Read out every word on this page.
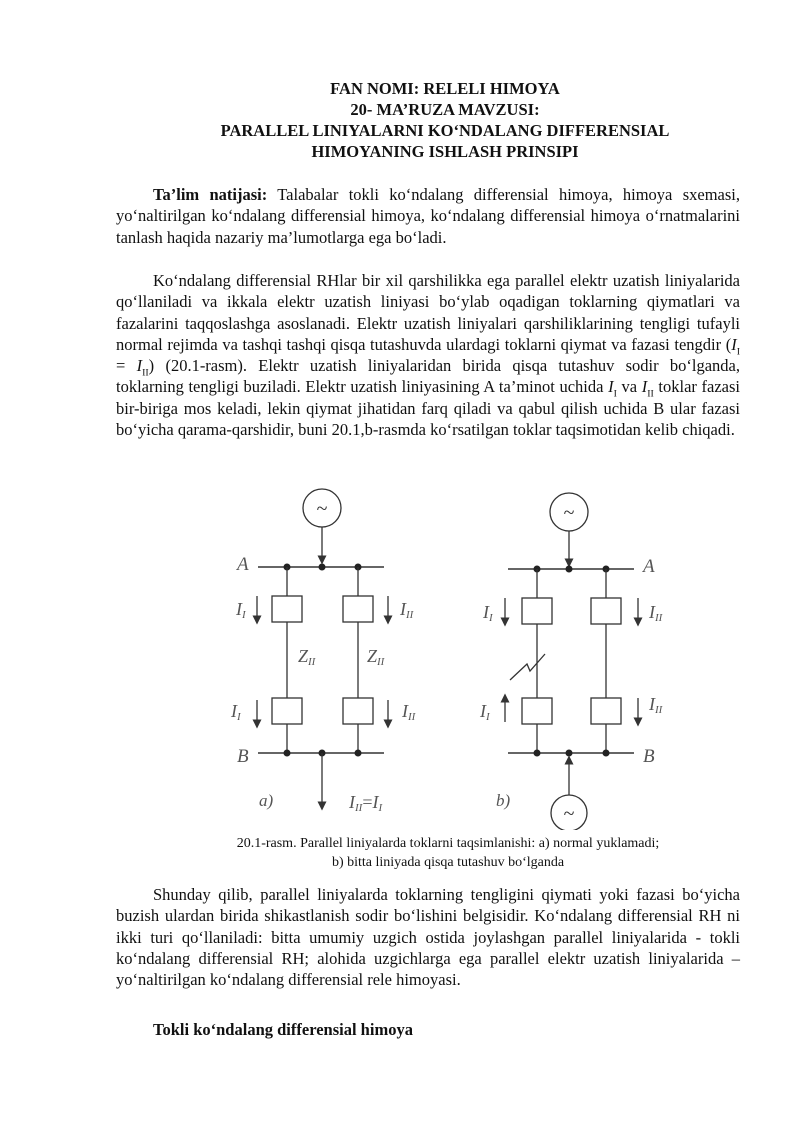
FAN NOMI: RELELI HIMOYA
20- MA’RUZA MAVZUSI:
PARALLEL LINIYALARNI KO‘NDALANG DIFFERENSIAL
HIMOYANING ISHLASH PRINSIPI
Ta’lim natijasi: Talabalar tokli ko‘ndalang differensial himoya, himoya sxemasi, yo‘naltirilgan ko‘ndalang differensial himoya, ko‘ndalang differensial himoya o‘rnatmalarini tanlash haqida nazariy ma’lumotlarga ega bo‘ladi.
Ko‘ndalang differensial RHlar bir xil qarshilikka ega parallel elektr uzatish liniyalarida qo‘llaniladi va ikkala elektr uzatish liniyasi bo‘ylab oqadigan toklarning qiymatlari va fazalarini taqqoslashga asoslanadi. Elektr uzatish liniyalari qarshiliklarining tengligi tufayli normal rejimda va tashqi tashqi qisqa tutashuvda ulardagi toklarni qiymat va fazasi tengdir $(I_I = I_{II})$ (20.1-rasm). Elektr uzatish liniyalaridan birida qisqa tutashuv sodir bo‘lganda, toklarning tengligi buziladi. Elektr uzatish liniyasining A ta’minot uchida $I_I$ va $I_{II}$ toklar fazasi bir-biriga mos keladi, lekin qiymat jihatidan farq qiladi va qabul qilish uchida B ular fazasi bo‘yicha qarama-qarshidir, buni 20.1,b-rasmda ko‘rsatilgan toklar taqsimotidan kelib chiqadi.
~
A
B
II	III
II	III
ZII	ZII
a)	III=II
~
A
B
~
II	III
II
III
b)
20.1-rasm. Parallel liniyalarda toklarni taqsimlanishi: a) normal yuklamadi;
b) bitta liniyada qisqa tutashuv bo‘lganda
Shunday qilib, parallel liniyalarda toklarning tengligini qiymati yoki fazasi bo‘yicha buzish ulardan birida shikastlanish sodir bo‘lishini belgisidir. Ko‘ndalang differensial RH ni ikki turi qo‘llaniladi: bitta umumiy uzgich ostida joylashgan parallel liniyalarida - tokli ko‘ndalang differensial RH; alohida uzgichlarga ega parallel elektr uzatish liniyalarida – yo‘naltirilgan ko‘ndalang differensial rele himoyasi.
Tokli ko‘ndalang differensial himoya
